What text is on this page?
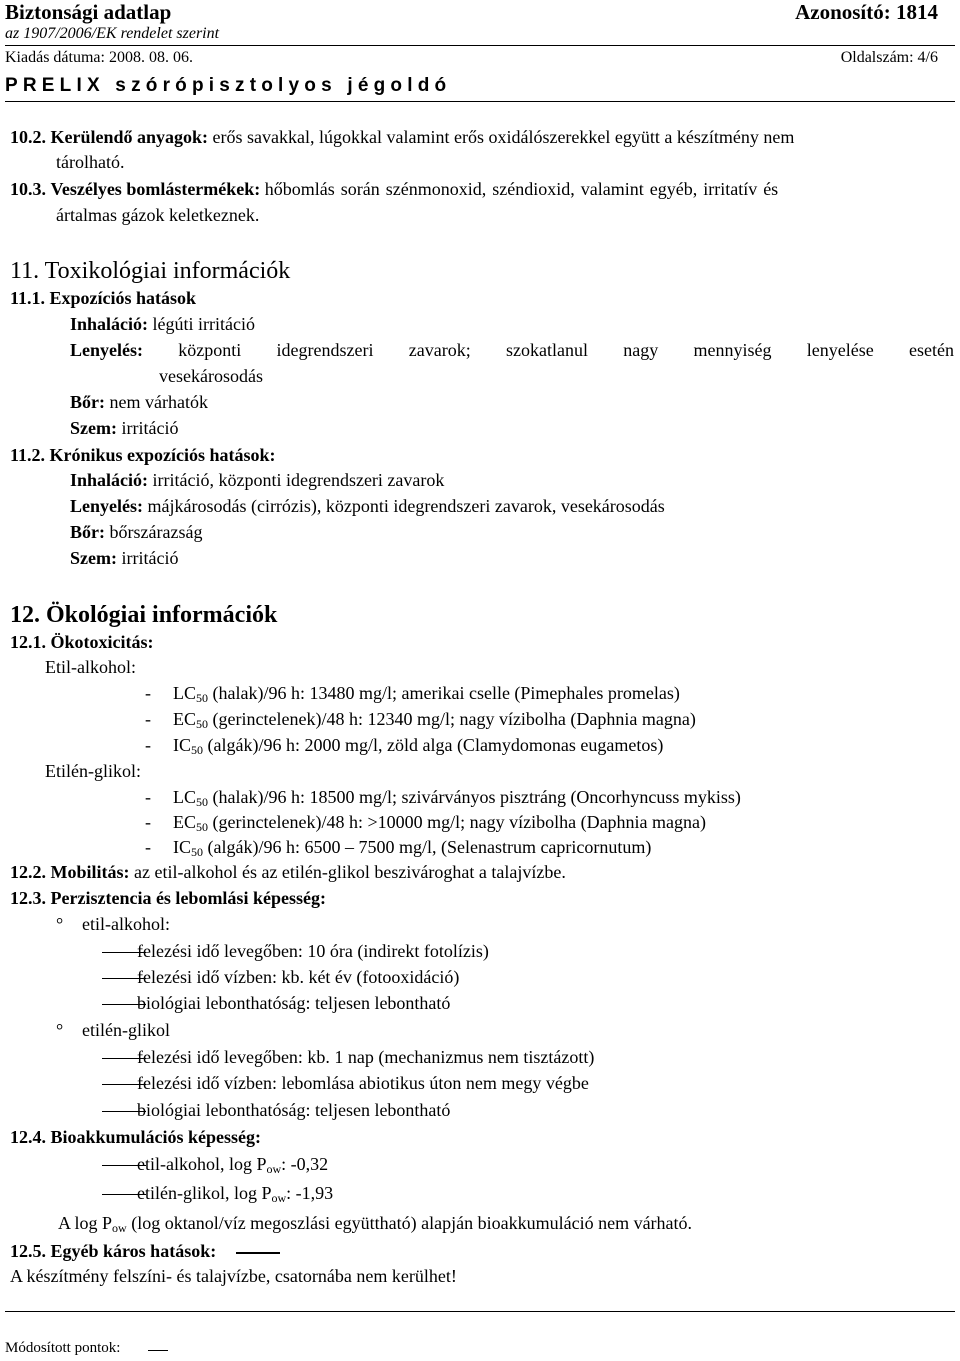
Biztonsági adatlap	Azonosító: 1814
az 1907/2006/EK rendelet szerint
Kiadás dátuma: 2008. 08. 06.	Oldalszám: 4/6
PRELIX szórópisztolyos jégoldó
10.2. Kerülendő anyagok: erős savakkal, lúgokkal valamint erős oxidálószerekkel együtt a készítmény nem
tárolható.
10.3. Veszélyes bomlástermékek: hőbomlás során szénmonoxid, széndioxid, valamint egyéb, irritatív és
ártalmas gázok keletkeznek.
11. Toxikológiai információk
11.1. Expozíciós hatások
Inhaláció: légúti irritáció
Lenyelés: központi idegrendszeri zavarok; szokatlanul nagy mennyiség lenyelése esetén
vesekárosodás
Bőr: nem várhatók
Szem: irritáció
11.2. Krónikus expozíciós hatások:
Inhaláció: irritáció, központi idegrendszeri zavarok
Lenyelés: májkárosodás (cirrózis), központi idegrendszeri zavarok, vesekárosodás
Bőr: bőrszárazság
Szem: irritáció
12. Ökológiai információk
12.1. Ökotoxicitás:
Etil-alkohol:
- $LC_{50}$ (halak)/96 h: 13480 mg/l; amerikai cselle (Pimephales promelas)
- $EC_{50}$ (gerinctelenek)/48 h: 12340 mg/l; nagy vízibolha (Daphnia magna)
- $IC_{50}$ (algák)/96 h: 2000 mg/l, zöld alga (Clamydomonas eugametos)
Etilén-glikol:
- $LC_{50}$ (halak)/96 h: 18500 mg/l; szivárványos pisztráng (Oncorhyncuss mykiss)
- $EC_{50}$ (gerinctelenek)/48 h: >10000 mg/l; nagy vízibolha (Daphnia magna)
- $IC_{50}$ (algák)/96 h: 6500 – 7500 mg/l, (Selenastrum capricornutum)
12.2. Mobilitás: az etil-alkohol és az etilén-glikol beszivároghat a talajvízbe.
12.3. Perzisztencia és lebomlási képesség:
° etil-alkohol:
felezési idő levegőben: 10 óra (indirekt fotolízis)
felezési idő vízben: kb. két év (fotooxidáció)
biológiai lebonthatóság: teljesen lebontható
° etilén-glikol
felezési idő levegőben: kb. 1 nap (mechanizmus nem tisztázott)
felezési idő vízben: lebomlása abiotikus úton nem megy végbe
biológiai lebonthatóság: teljesen lebontható
12.4. Bioakkumulációs képesség:
etil-alkohol, $\log P_{ow}$: -0,32
etilén-glikol, $\log P_{ow}$: -1,93
A $\log P_{ow}$ (log oktanol/víz megoszlási együttható) alapján bioakkumuláció nem várható.
12.5. Egyéb káros hatások:
A készítmény felszíni- és talajvízbe, csatornába nem kerülhet!
Módosított pontok:
